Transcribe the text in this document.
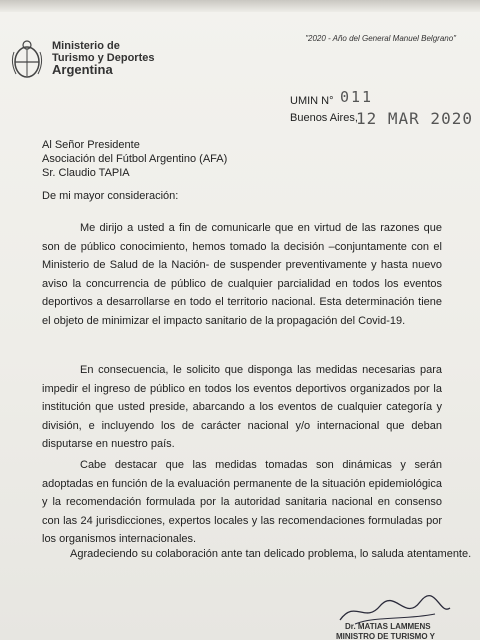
Ministerio de
Turismo y Deportes
Argentina
"2020 - Año del General Manuel Belgrano"
UMIN N° 011
Buenos Aires,
12 MAR 2020
Al Señor Presidente
Asociación del Fútbol Argentino (AFA)
Sr. Claudio TAPIA
De mi mayor consideración:
Me dirijo a usted a fin de comunicarle que en virtud de las razones que son de público conocimiento, hemos tomado la decisión –conjuntamente con el Ministerio de Salud de la Nación- de suspender preventivamente y hasta nuevo aviso la concurrencia de público de cualquier parcialidad en todos los eventos deportivos a desarrollarse en todo el territorio nacional. Esta determinación tiene el objeto de minimizar el impacto sanitario de la propagación del Covid-19.
En consecuencia, le solicito que disponga las medidas necesarias para impedir el ingreso de público en todos los eventos deportivos organizados por la institución que usted preside, abarcando a los eventos de cualquier categoría y división, e incluyendo los de carácter nacional y/o internacional que deban disputarse en nuestro país.
Cabe destacar que las medidas tomadas son dinámicas y serán adoptadas en función de la evaluación permanente de la situación epidemiológica y la recomendación formulada por la autoridad sanitaria nacional en consenso con las 24 jurisdicciones, expertos locales y las recomendaciones formuladas por los organismos internacionales.
Agradeciendo su colaboración ante tan delicado problema, lo saluda atentamente.
Dr. MATIAS LAMMENS
MINISTRO DE TURISMO Y
